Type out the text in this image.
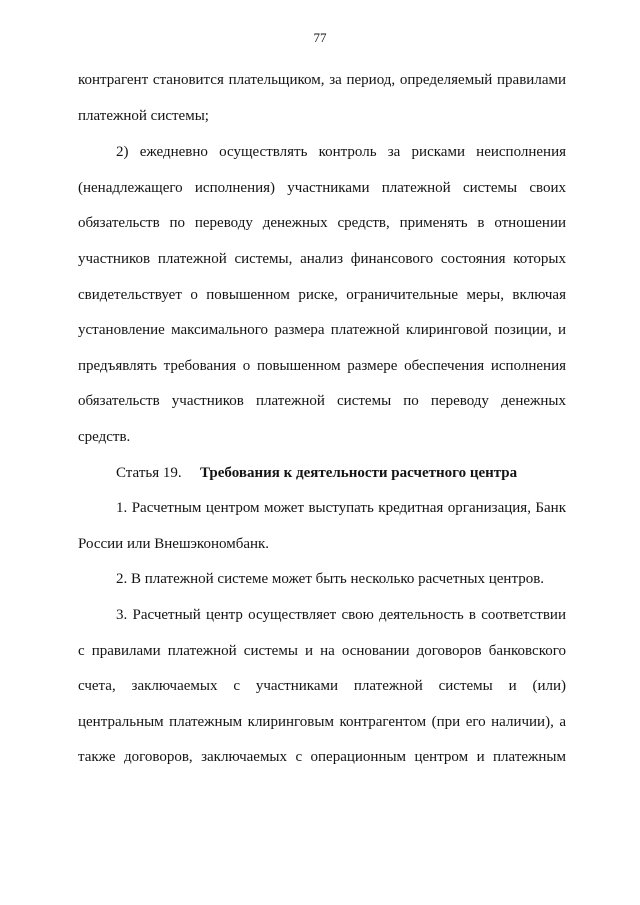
77
контрагент становится плательщиком, за период, определяемый правилами
платежной системы;
2) ежедневно осуществлять контроль за рисками неисполнения
(ненадлежащего исполнения) участниками платежной системы своих
обязательств по переводу денежных средств, применять в отношении
участников платежной системы, анализ финансового состояния которых
свидетельствует о повышенном риске, ограничительные меры, включая
установление максимального размера платежной клиринговой позиции, и
предъявлять требования о повышенном размере обеспечения исполнения
обязательств участников платежной системы по переводу денежных
средств.
Статья 19. Требования к деятельности расчетного центра
1. Расчетным центром может выступать кредитная организация, Банк
России или Внешэкономбанк.
2. В платежной системе может быть несколько расчетных центров.
3. Расчетный центр осуществляет свою деятельность в соответствии
с правилами платежной системы и на основании договоров банковского
счета, заключаемых с участниками платежной системы и (или)
центральным платежным клиринговым контрагентом (при его наличии), а
также договоров, заключаемых с операционным центром и платежным
